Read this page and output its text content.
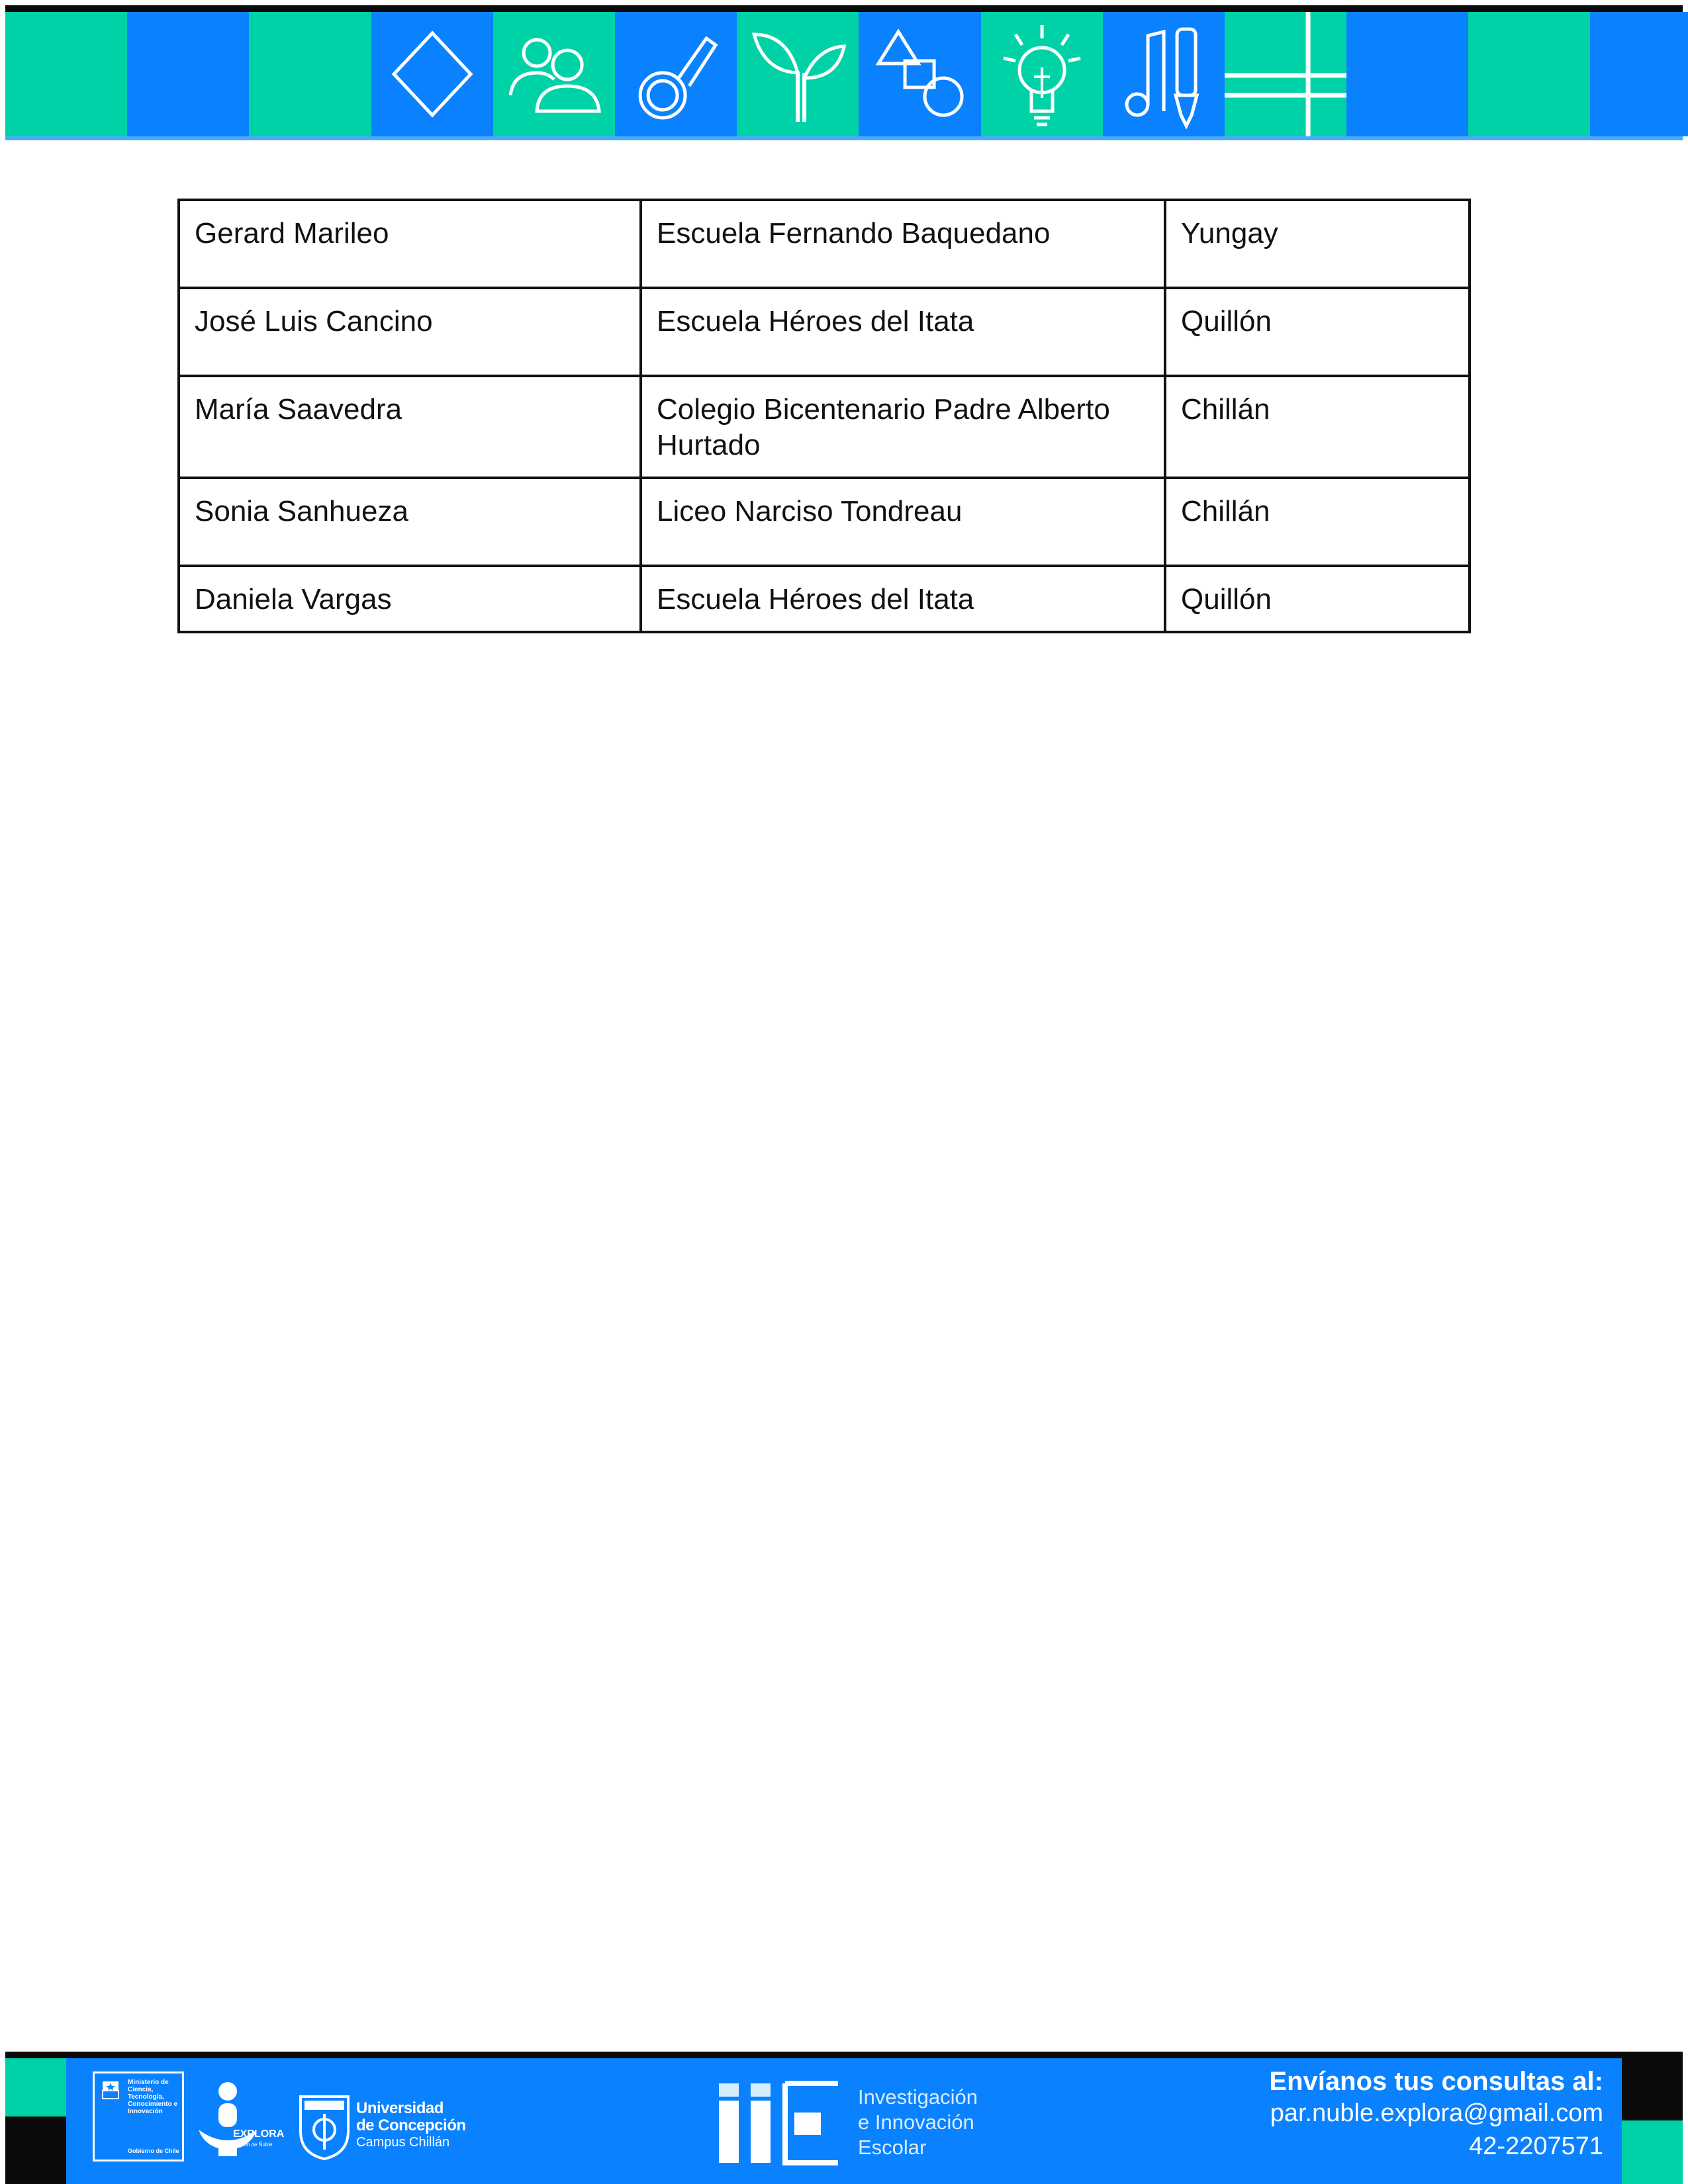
Gerard Marileo	Escuela Fernando Baquedano	Yungay
José Luis Cancino	Escuela Héroes del Itata	Quillón
María Saavedra	Colegio Bicentenario Padre Alberto Hurtado	Chillán
Sonia Sanhueza	Liceo Narciso Tondreau	Chillán
Daniela Vargas	Escuela Héroes del Itata	Quillón
Ministerio de Ciencia, Tecnología, Conocimiento e Innovación
Gobierno de Chile
EXPLORA
Región de Ñuble
Universidad
de Concepción
Campus Chillán
Investigación
e Innovación
Escolar
Envíanos tus consultas al:
par.nuble.explora@gmail.com
42-2207571
